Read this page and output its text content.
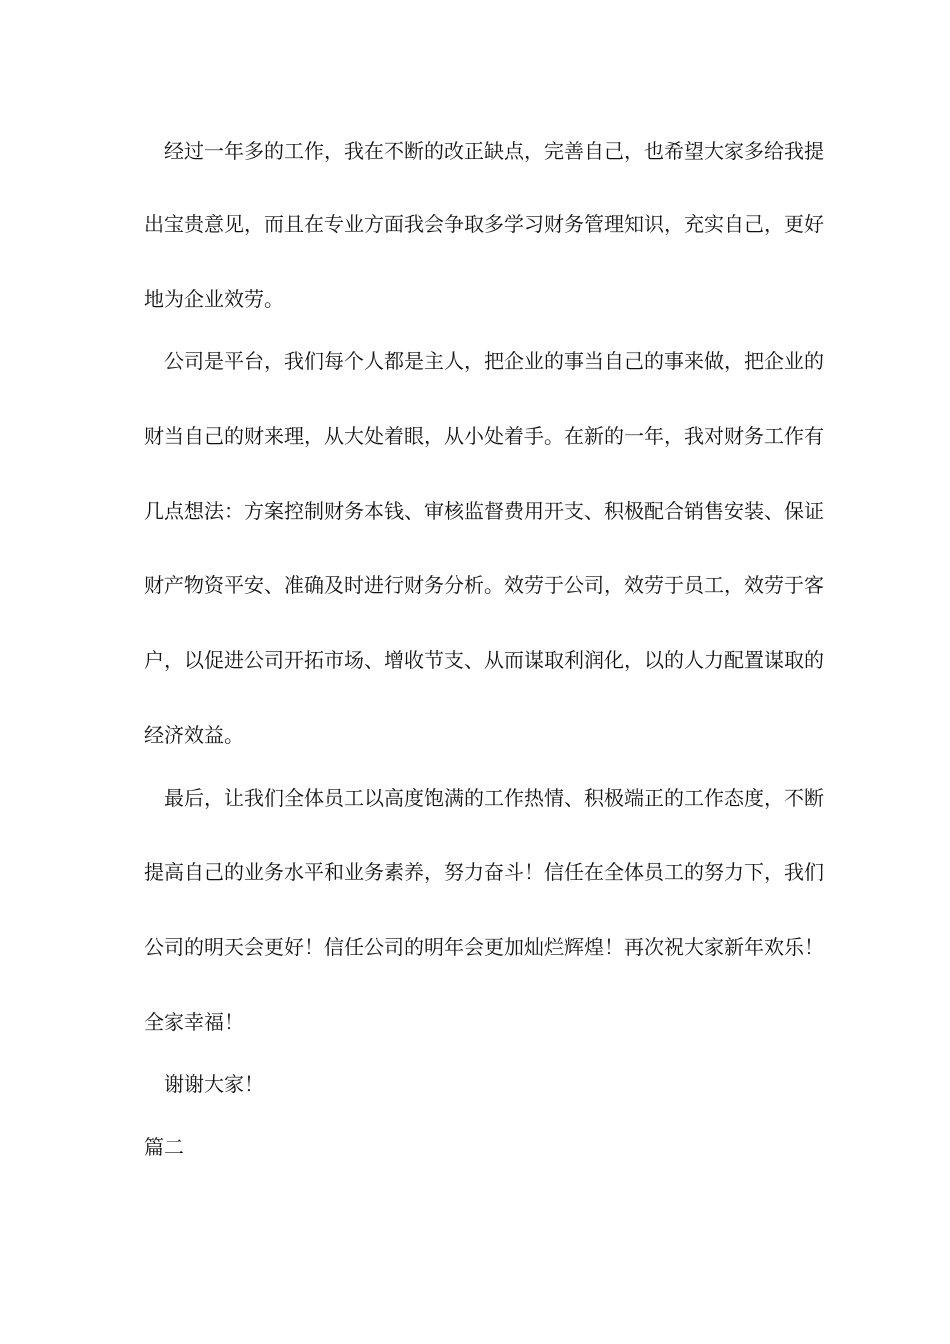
经过一年多的工作，我在不断的改正缺点，完善自己，也希望大家多给我提
出宝贵意见，而且在专业方面我会争取多学习财务管理知识，充实自己，更好
地为企业效劳。
公司是平台，我们每个人都是主人，把企业的事当自己的事来做，把企业的
财当自己的财来理，从大处着眼，从小处着手。在新的一年，我对财务工作有
几点想法：方案控制财务本钱、审核监督费用开支、积极配合销售安装、保证
财产物资平安、准确及时进行财务分析。效劳于公司，效劳于员工，效劳于客
户，以促进公司开拓市场、增收节支、从而谋取利润化，以的人力配置谋取的
经济效益。
最后，让我们全体员工以高度饱满的工作热情、积极端正的工作态度，不断
提高自己的业务水平和业务素养，努力奋斗！信任在全体员工的努力下，我们
公司的明天会更好！信任公司的明年会更加灿烂辉煌！再次祝大家新年欢乐！
全家幸福！
谢谢大家！
篇二
